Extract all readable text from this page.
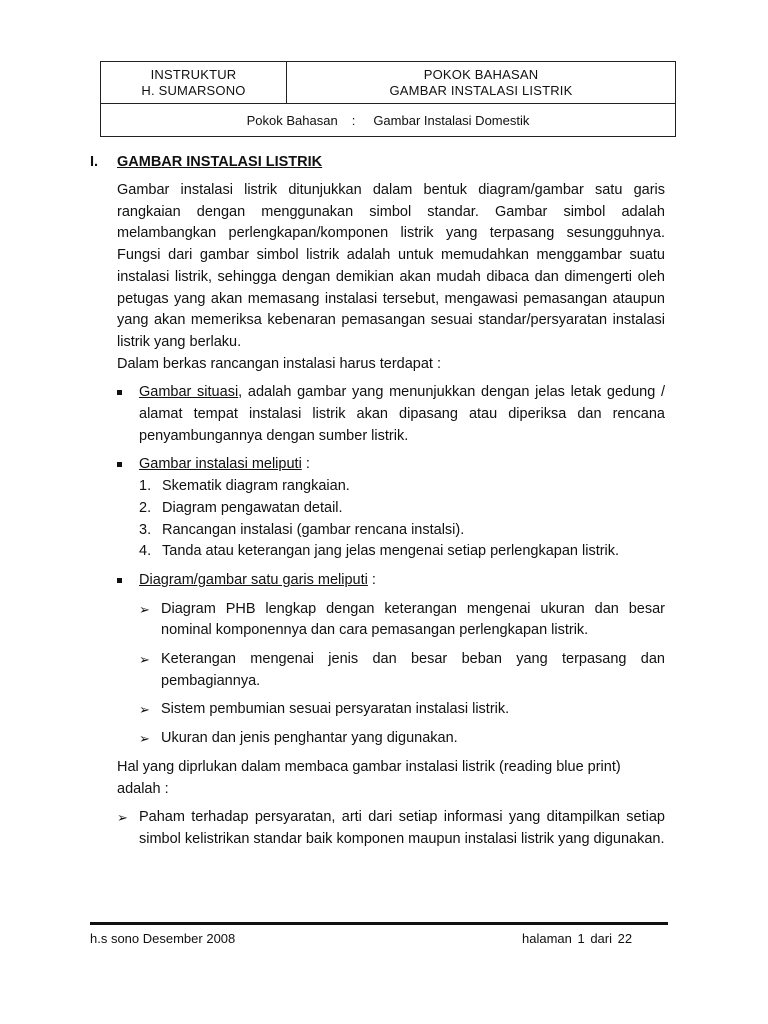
INSTRUKTUR
H. SUMARSONO
POKOK BAHASAN
GAMBAR INSTALASI LISTRIK
Pokok Bahasan : Gambar Instalasi Domestik
I. GAMBAR INSTALASI LISTRIK

Gambar instalasi listrik ditunjukkan dalam bentuk diagram/gambar satu garis rangkaian dengan menggunakan simbol standar. Gambar simbol adalah melambangkan perlengkapan/komponen listrik yang terpasang sesungguhnya. Fungsi dari gambar simbol listrik adalah untuk memudahkan menggambar suatu instalasi listrik, sehingga dengan demikian akan mudah dibaca dan dimengerti oleh petugas yang akan memasang instalasi tersebut, mengawasi pemasangan ataupun yang akan memeriksa kebenaran pemasangan sesuai standar/persyaratan instalasi listrik yang berlaku.

Dalam berkas rancangan instalasi harus terdapat :

Gambar situasi, adalah gambar yang menunjukkan dengan jelas letak gedung / alamat tempat instalasi listrik akan dipasang atau diperiksa dan rencana penyambungannya dengan sumber listrik.
Gambar instalasi meliputi :
1. Skematik diagram rangkaian.
2. Diagram pengawatan detail.
3. Rancangan instalasi (gambar rencana instalsi).
4. Tanda atau keterangan jang jelas mengenai setiap perlengkapan listrik.
Diagram/gambar satu garis meliputi :
➢ Diagram PHB lengkap dengan keterangan mengenai ukuran dan besar nominal komponennya dan cara pemasangan perlengkapan listrik.
➢ Keterangan mengenai jenis dan besar beban yang terpasang dan pembagiannya.
➢ Sistem pembumian sesuai persyaratan instalasi listrik.
➢ Ukuran dan jenis penghantar yang digunakan.

Hal yang diprlukan dalam membaca gambar instalasi listrik (reading blue print) adalah :

➢ Paham terhadap persyaratan, arti dari setiap informasi yang ditampilkan setiap simbol kelistrikan standar baik komponen maupun instalasi listrik yang digunakan.
h.s sono Desember 2008	halaman 1 dari 22
